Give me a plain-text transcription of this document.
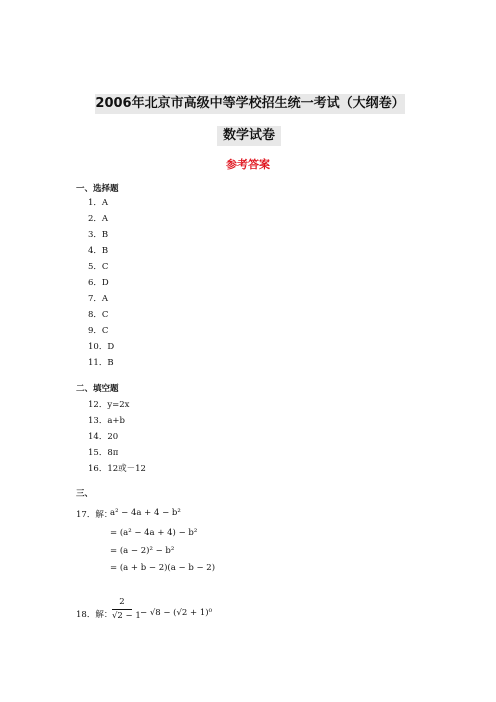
2006年北京市高级中等学校招生统一考试（大纲卷）
数学试卷
参考答案
一、选择题
1．A
2．A
3．B
4．B
5．C
6．D
7．A
8．C
9．C
10．D
11．B
二、填空题
12．y=2x
13．a+b
14．20
15．8π
16．12或－12
三、
17．解：
a² − 4a + 4 − b²
= (a² − 4a + 4) − b²
= (a − 2)² − b²
= (a + b − 2)(a − b − 2)
18．解：
2
√2 − 1 − √8 − (√2 + 1)⁰
